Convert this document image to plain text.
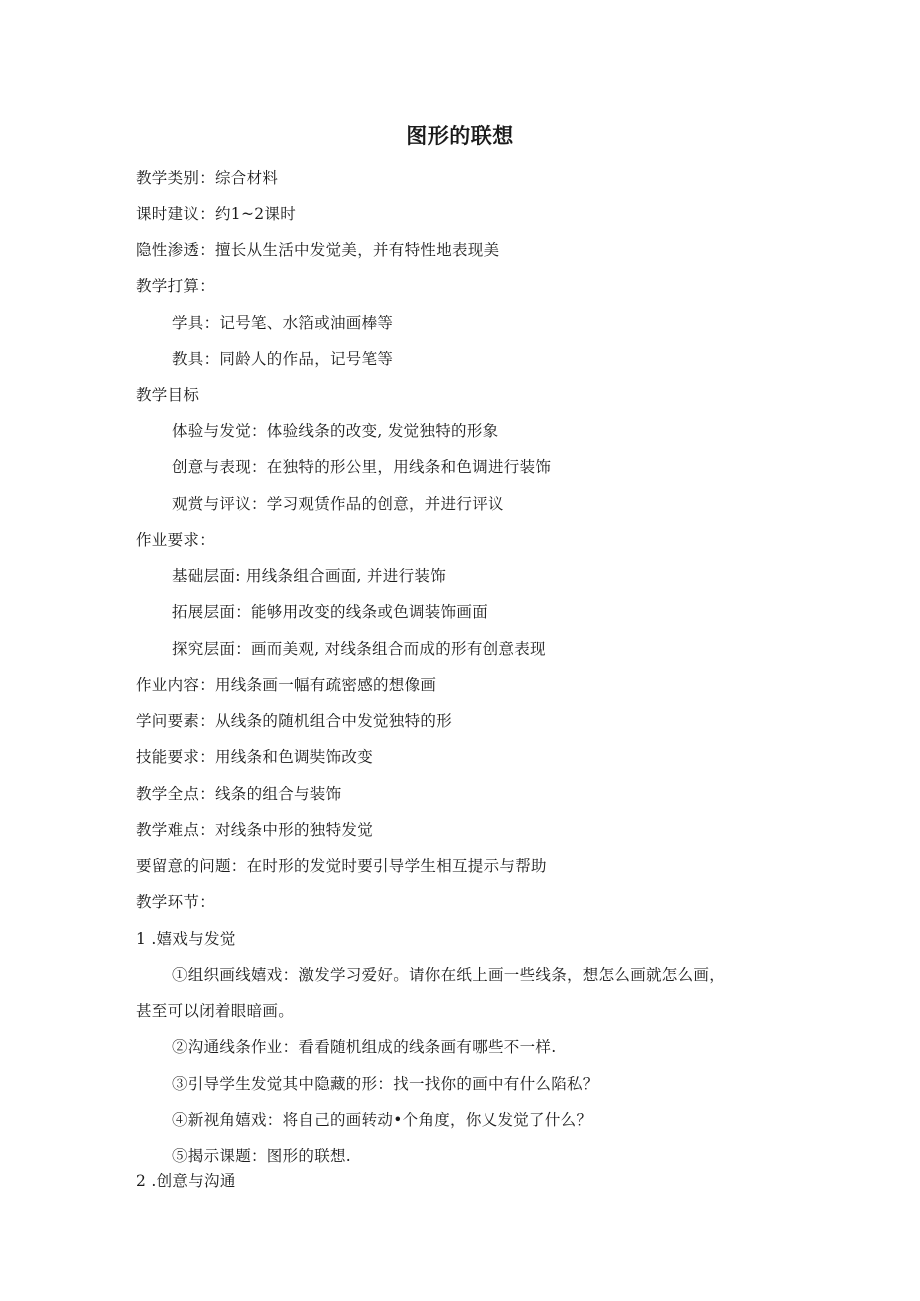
图形的联想
教学类别：综合材料
课时建议：约1~2课时
隐性渗透：擅长从生活中发觉美，并有特性地表现美
教学打算：
学具：记号笔、水箔或油画棒等
教具：同龄人的作品，记号笔等
教学目标
体验与发觉：体验线条的改变, 发觉独特的形象
创意与表现：在独特的形公里，用线条和色调进行装饰
观赏与评议：学习观赁作品的创意，并进行评议
作业要求：
基础层面: 用线条组合画面, 并进行装饰
拓展层面：能够用改变的线条或色调装饰画面
探究层面：画而美观, 对线条组合而成的形有创意表现
作业内容：用线条画一幅有疏密感的想像画
学问要素：从线条的随机组合中发觉独特的形
技能要求：用线条和色调奘饰改变
教学全点：线条的组合与装饰
教学难点：对线条中形的独特发觉
要留意的问题：在时形的发觉时要引导学生相互提示与帮助
教学环节：
1 .嬉戏与发觉
①组织画线嬉戏：激发学习爱好。请你在纸上画一些线条，想怎么画就怎么画，
甚至可以闭着眼暗画。
②沟通线条作业：看看随机组成的线条画有哪些不一样.
③引导学生发觉其中隐藏的形：找一找你的画中有什么陷私？
④新视角嬉戏：将自己的画转动•个角度，你乂发觉了什么？
⑤揭示课题：图形的联想.
2 .创意与沟通
